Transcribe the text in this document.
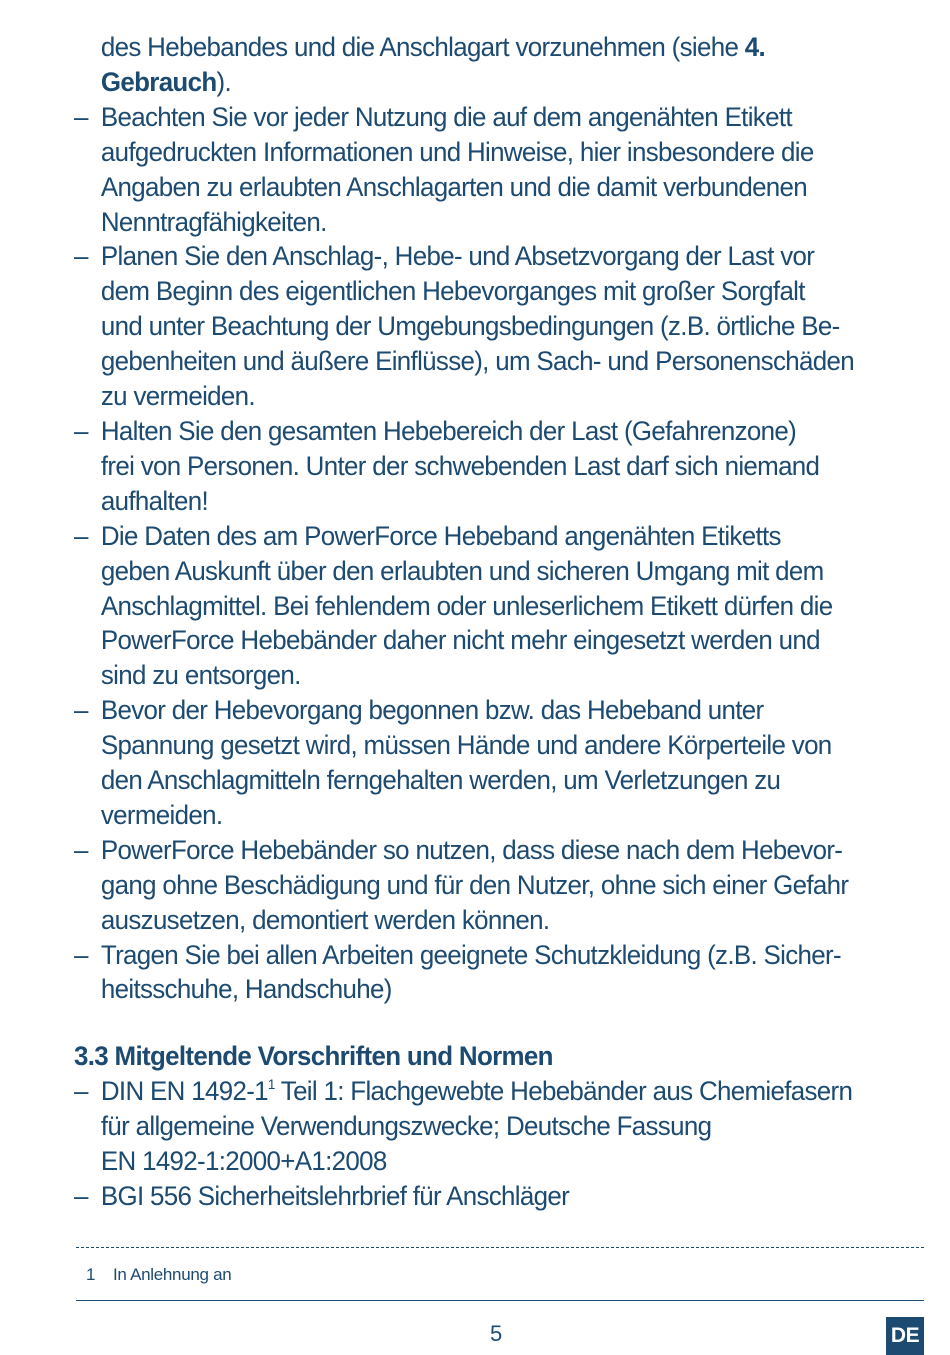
des Hebebandes und die Anschlagart vorzunehmen (siehe 4.
Gebrauch).
– Beachten Sie vor jeder Nutzung die auf dem angenähten Etikett
aufgedruckten Informationen und Hinweise, hier insbesondere die
Angaben zu erlaubten Anschlagarten und die damit verbundenen
Nenntragfähigkeiten.
– Planen Sie den Anschlag-, Hebe- und Absetzvorgang der Last vor
dem Beginn des eigentlichen Hebevorganges mit großer Sorgfalt
und unter Beachtung der Umgebungsbedingungen (z.B. örtliche Be-
gebenheiten und äußere Einflüsse), um Sach- und Personenschäden
zu vermeiden.
– Halten Sie den gesamten Hebebereich der Last (Gefahrenzone)
frei von Personen. Unter der schwebenden Last darf sich niemand
aufhalten!
– Die Daten des am PowerForce Hebeband angenähten Etiketts
geben Auskunft über den erlaubten und sicheren Umgang mit dem
Anschlagmittel. Bei fehlendem oder unleserlichem Etikett dürfen die
PowerForce Hebebänder daher nicht mehr eingesetzt werden und
sind zu entsorgen.
– Bevor der Hebevorgang begonnen bzw. das Hebeband unter
Spannung gesetzt wird, müssen Hände und andere Körperteile von
den Anschlagmitteln ferngehalten werden, um Verletzungen zu
vermeiden.
– PowerForce Hebebänder so nutzen, dass diese nach dem Hebevor-
gang ohne Beschädigung und für den Nutzer, ohne sich einer Gefahr
auszusetzen, demontiert werden können.
– Tragen Sie bei allen Arbeiten geeignete Schutzkleidung (z.B. Sicher-
heitsschuhe, Handschuhe)
3.3 Mitgeltende Vorschriften und Normen
– DIN EN $1492-1^1$ Teil 1: Flachgewebte Hebebänder aus Chemiefasern
für allgemeine Verwendungszwecke; Deutsche Fassung
EN 1492-1:2000+A1:2008
– BGI 556 Sicherheitslehrbrief für Anschläger
1 In Anlehnung an
5	DE
